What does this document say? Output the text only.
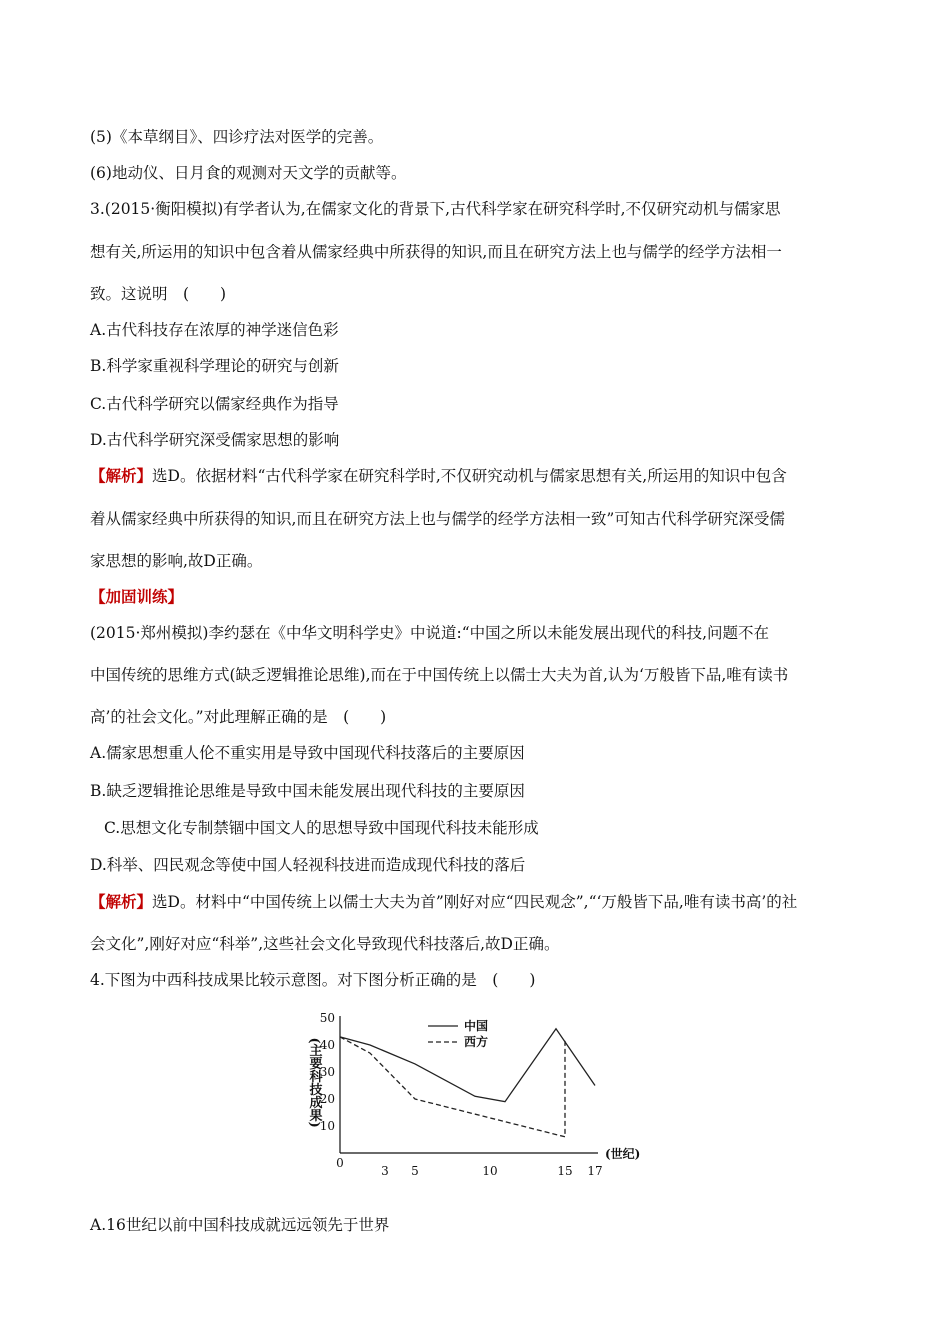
(5)《本草纲目》、四诊疗法对医学的完善。
(6)地动仪、日月食的观测对天文学的贡献等。
3.(2015·衡阳模拟)有学者认为,在儒家文化的背景下,古代科学家在研究科学时,不仅研究动机与儒家思
想有关,所运用的知识中包含着从儒家经典中所获得的知识,而且在研究方法上也与儒学的经学方法相一
致。这说明　(　　)
A.古代科技存在浓厚的神学迷信色彩
B.科学家重视科学理论的研究与创新
C.古代科学研究以儒家经典作为指导
D.古代科学研究深受儒家思想的影响
【解析】选D。依据材料“古代科学家在研究科学时,不仅研究动机与儒家思想有关,所运用的知识中包含
着从儒家经典中所获得的知识,而且在研究方法上也与儒学的经学方法相一致”可知古代科学研究深受儒
家思想的影响,故D正确。
【加固训练】
(2015·郑州模拟)李约瑟在《中华文明科学史》中说道:“中国之所以未能发展出现代的科技,问题不在
中国传统的思维方式(缺乏逻辑推论思维),而在于中国传统上以儒士大夫为首,认为‘万般皆下品,唯有读书
高’的社会文化。”对此理解正确的是　(　　)
A.儒家思想重人伦不重实用是导致中国现代科技落后的主要原因
B.缺乏逻辑推论思维是导致中国未能发展出现代科技的主要原因
C.思想文化专制禁锢中国文人的思想导致中国现代科技未能形成
D.科举、四民观念等使中国人轻视科技进而造成现代科技的落后
【解析】选D。材料中“中国传统上以儒士大夫为首”刚好对应“四民观念”,“‘万般皆下品,唯有读书高’的社
会文化”,刚好对应“科举”,这些社会文化导致现代科技落后,故D正确。
4.下图为中西科技成果比较示意图。对下图分析正确的是　(　　)
10
20
30
40
50
0
3 5	10	15 17
(世纪)
(主要科技成果)
中国
西方
A.16世纪以前中国科技成就远远领先于世界
